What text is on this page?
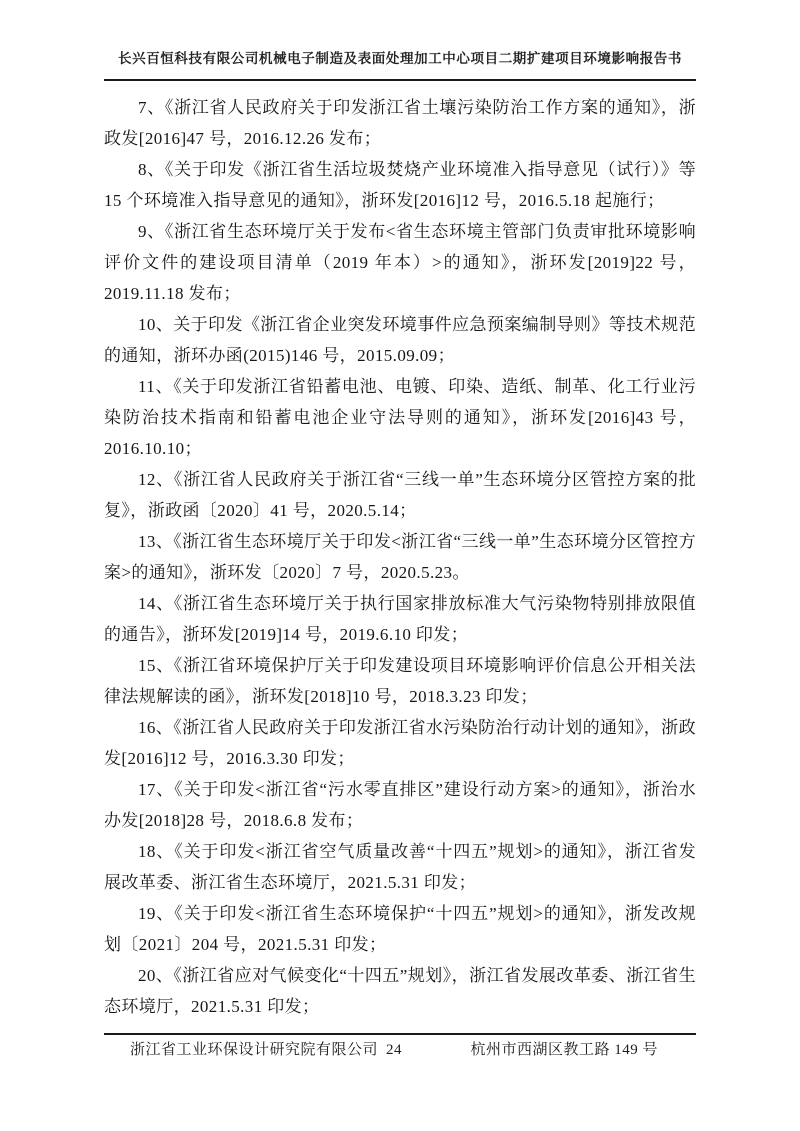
长兴百恒科技有限公司机械电子制造及表面处理加工中心项目二期扩建项目环境影响报告书

7、《浙江省人民政府关于印发浙江省土壤污染防治工作方案的通知》，浙政发[2016]47 号，2016.12.26 发布；

8、《关于印发《浙江省生活垃圾焚烧产业环境准入指导意见（试行）》等 15 个环境准入指导意见的通知》，浙环发[2016]12 号，2016.5.18 起施行；

9、《浙江省生态环境厅关于发布<省生态环境主管部门负责审批环境影响评价文件的建设项目清单（2019 年本）>的通知》，浙环发[2019]22 号，2019.11.18 发布；

10、关于印发《浙江省企业突发环境事件应急预案编制导则》等技术规范的通知，浙环办函(2015)146 号，2015.09.09；

11、《关于印发浙江省铅蓄电池、电镀、印染、造纸、制革、化工行业污染防治技术指南和铅蓄电池企业守法导则的通知》，浙环发[2016]43 号，2016.10.10；

12、《浙江省人民政府关于浙江省“三线一单”生态环境分区管控方案的批复》，浙政函〔2020〕41 号，2020.5.14；

13、《浙江省生态环境厅关于印发<浙江省“三线一单”生态环境分区管控方案>的通知》，浙环发〔2020〕7 号，2020.5.23。

14、《浙江省生态环境厅关于执行国家排放标准大气污染物特别排放限值的通告》，浙环发[2019]14 号，2019.6.10 印发；

15、《浙江省环境保护厅关于印发建设项目环境影响评价信息公开相关法律法规解读的函》，浙环发[2018]10 号，2018.3.23 印发；

16、《浙江省人民政府关于印发浙江省水污染防治行动计划的通知》，浙政发[2016]12 号，2016.3.30 印发；

17、《关于印发<浙江省“污水零直排区”建设行动方案>的通知》，浙治水办发[2018]28 号，2018.6.8 发布；

18、《关于印发<浙江省空气质量改善“十四五”规划>的通知》，浙江省发展改革委、浙江省生态环境厅，2021.5.31 印发；

19、《关于印发<浙江省生态环境保护“十四五”规划>的通知》，浙发改规划〔2021〕204 号，2021.5.31 印发；

20、《浙江省应对气候变化“十四五”规划》，浙江省发展改革委、浙江省生态环境厅，2021.5.31 印发；

浙江省工业环保设计研究院有限公司 24	杭州市西湖区教工路 149 号
